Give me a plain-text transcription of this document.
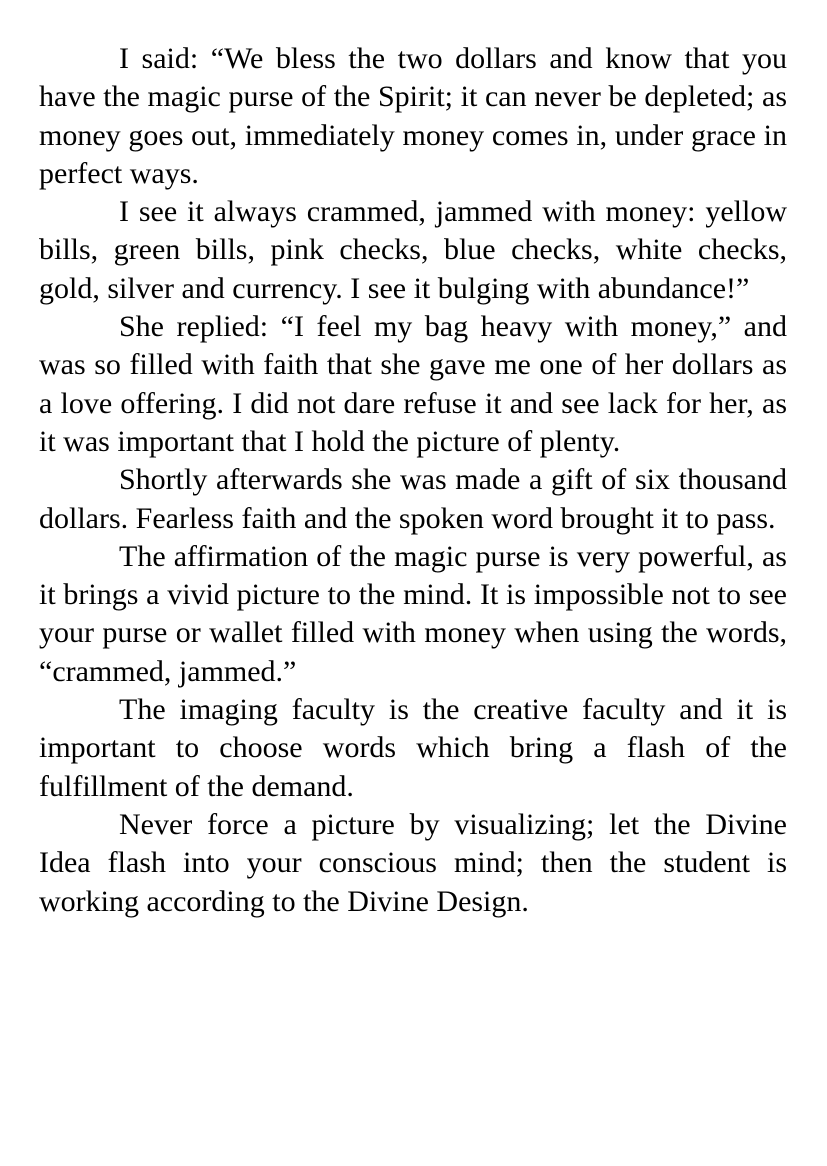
I said: “We bless the two dollars and know that you have the magic purse of the Spirit; it can never be depleted; as money goes out, immediately money comes in, under grace in perfect ways.

I see it always crammed, jammed with money: yellow bills, green bills, pink checks, blue checks, white checks, gold, silver and currency. I see it bulging with abundance!”

She replied: “I feel my bag heavy with money,” and was so filled with faith that she gave me one of her dollars as a love offering. I did not dare refuse it and see lack for her, as it was important that I hold the picture of plenty.

Shortly afterwards she was made a gift of six thousand dollars. Fearless faith and the spoken word brought it to pass.

The affirmation of the magic purse is very powerful, as it brings a vivid picture to the mind. It is impossible not to see your purse or wallet filled with money when using the words, “crammed, jammed.”

The imaging faculty is the creative faculty and it is important to choose words which bring a flash of the fulfillment of the demand.

Never force a picture by visualizing; let the Divine Idea flash into your conscious mind; then the student is working according to the Divine Design.
